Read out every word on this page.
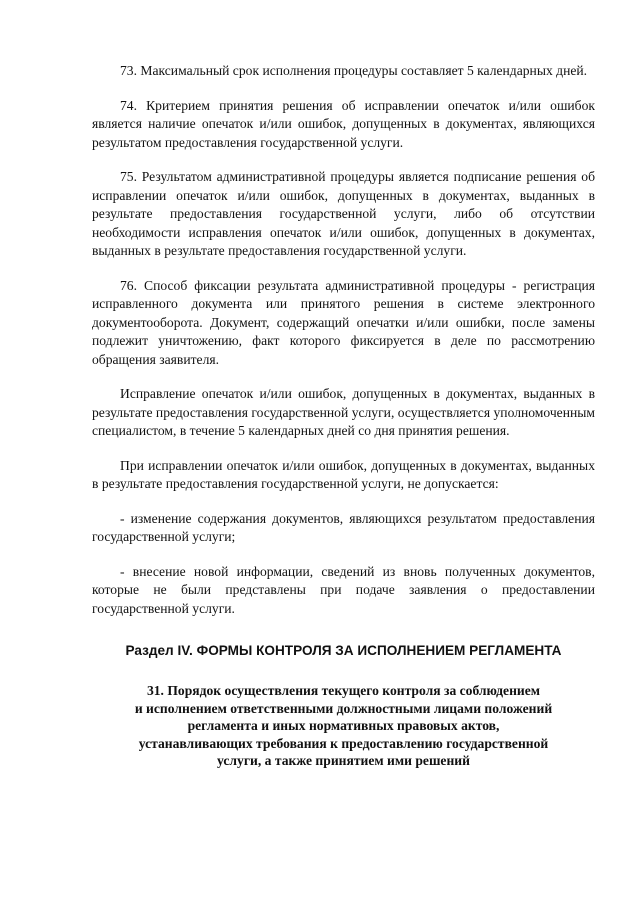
73. Максимальный срок исполнения процедуры составляет 5 календарных дней.

74. Критерием принятия решения об исправлении опечаток и/или ошибок является наличие опечаток и/или ошибок, допущенных в документах, являющихся результатом предоставления государственной услуги.

75. Результатом административной процедуры является подписание решения об исправлении опечаток и/или ошибок, допущенных в документах, выданных в результате предоставления государственной услуги, либо об отсутствии необходимости исправления опечаток и/или ошибок, допущенных в документах, выданных в результате предоставления государственной услуги.

76. Способ фиксации результата административной процедуры - регистрация исправленного документа или принятого решения в системе электронного документооборота. Документ, содержащий опечатки и/или ошибки, после замены подлежит уничтожению, факт которого фиксируется в деле по рассмотрению обращения заявителя.

Исправление опечаток и/или ошибок, допущенных в документах, выданных в результате предоставления государственной услуги, осуществляется уполномоченным специалистом, в течение 5 календарных дней со дня принятия решения.

При исправлении опечаток и/или ошибок, допущенных в документах, выданных в результате предоставления государственной услуги, не допускается:

- изменение содержания документов, являющихся результатом предоставления государственной услуги;

- внесение новой информации, сведений из вновь полученных документов, которые не были представлены при подаче заявления о предоставлении государственной услуги.

Раздел IV. ФОРМЫ КОНТРОЛЯ ЗА ИСПОЛНЕНИЕМ РЕГЛАМЕНТА
31. Порядок осуществления текущего контроля за соблюдением
и исполнением ответственными должностными лицами положений
регламента и иных нормативных правовых актов,
устанавливающих требования к предоставлению государственной
услуги, а также принятием ими решений
